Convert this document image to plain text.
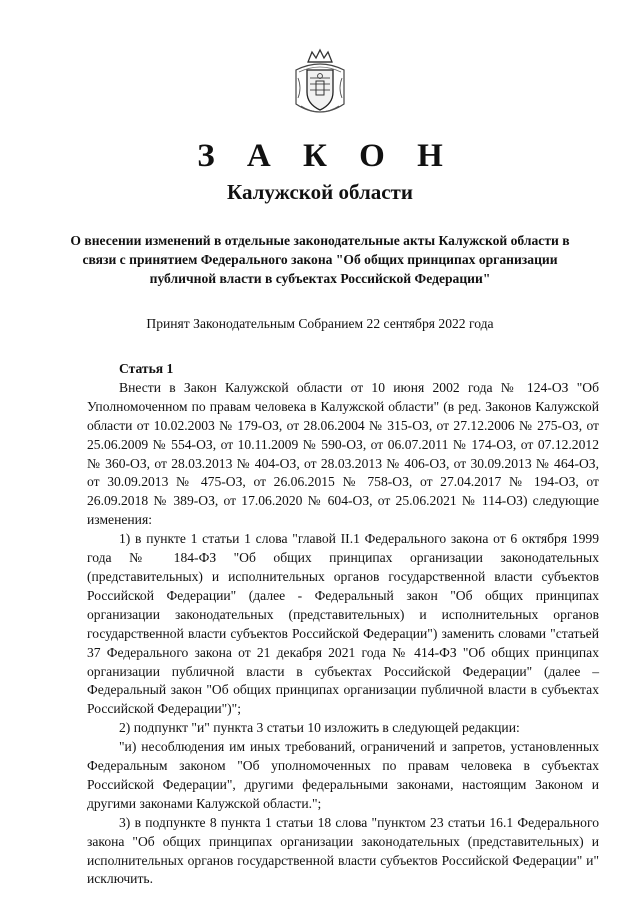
З А К О Н
Калужской области
О внесении изменений в отдельные законодательные акты Калужской области в связи с принятием Федерального закона "Об общих принципах организации публичной власти в субъектах Российской Федерации"
Принят Законодательным Собранием 22 сентября 2022 года

Статья 1

Внести в Закон Калужской области от 10 июня 2002 года № 124-ОЗ "Об Уполномоченном по правам человека в Калужской области" (в ред. Законов Калужской области от 10.02.2003 № 179-ОЗ, от 28.06.2004 № 315-ОЗ, от 27.12.2006 № 275-ОЗ, от 25.06.2009 № 554-ОЗ, от 10.11.2009 № 590-ОЗ, от 06.07.2011 № 174-ОЗ, от 07.12.2012 № 360-ОЗ, от 28.03.2013 № 404-ОЗ, от 28.03.2013 № 406-ОЗ, от 30.09.2013 № 464-ОЗ, от 30.09.2013 № 475-ОЗ, от 26.06.2015 № 758-ОЗ, от 27.04.2017 № 194-ОЗ, от 26.09.2018 № 389-ОЗ, от 17.06.2020 № 604-ОЗ, от 25.06.2021 № 114-ОЗ) следующие изменения:

1) в пункте 1 статьи 1 слова "главой II.1 Федерального закона от 6 октября 1999 года № 184-ФЗ "Об общих принципах организации законодательных (представительных) и исполнительных органов государственной власти субъектов Российской Федерации" (далее - Федеральный закон "Об общих принципах организации законодательных (представительных) и исполнительных органов государственной власти субъектов Российской Федерации") заменить словами "статьей 37 Федерального закона от 21 декабря 2021 года № 414-ФЗ "Об общих принципах организации публичной власти в субъектах Российской Федерации" (далее – Федеральный закон "Об общих принципах организации публичной власти в субъектах Российской Федерации")";

2) подпункт "и" пункта 3 статьи 10 изложить в следующей редакции:

"и) несоблюдения им иных требований, ограничений и запретов, установленных Федеральным законом "Об уполномоченных по правам человека в субъектах Российской Федерации", другими федеральными законами, настоящим Законом и другими законами Калужской области.";

3) в подпункте 8 пункта 1 статьи 18 слова "пунктом 23 статьи 16.1 Федерального закона "Об общих принципах организации законодательных (представительных) и исполнительных органов государственной власти субъектов Российской Федерации" и" исключить.
